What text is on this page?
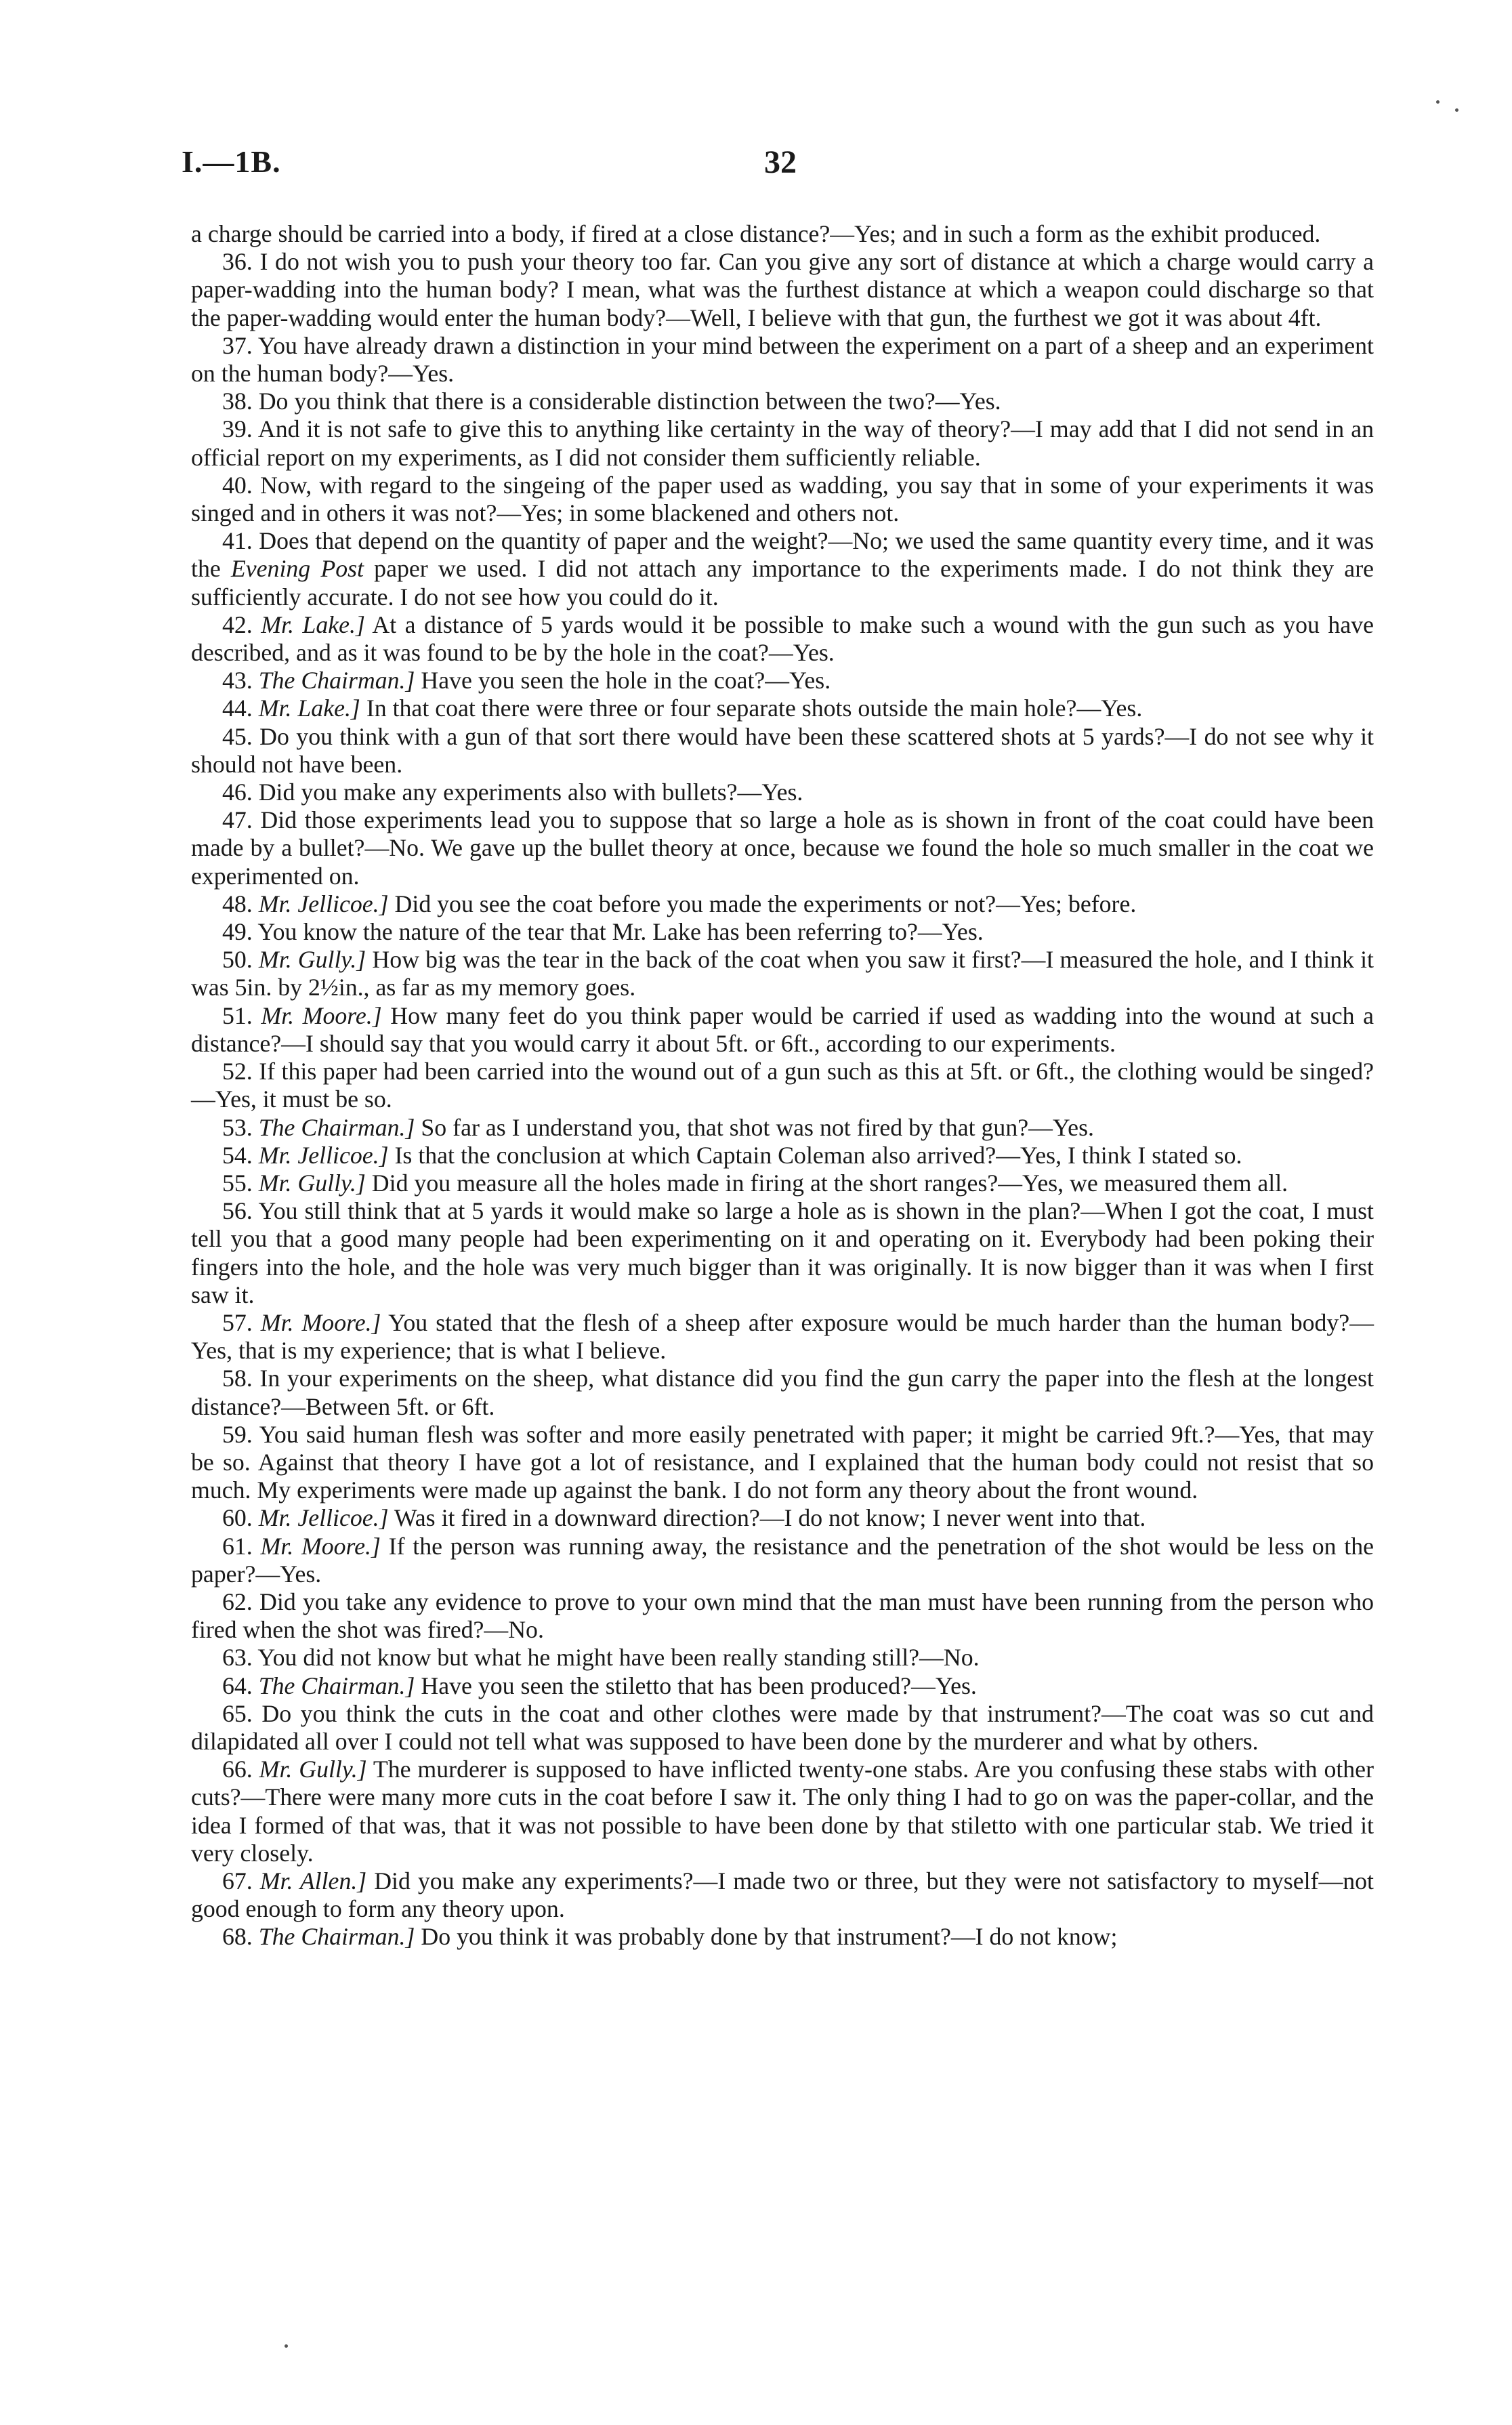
I.—1B.	32

a charge should be carried into a body, if fired at a close distance?—Yes; and in such a form as the exhibit produced.

36. I do not wish you to push your theory too far. Can you give any sort of distance at which a charge would carry a paper-wadding into the human body? I mean, what was the furthest distance at which a weapon could discharge so that the paper-wadding would enter the human body?—Well, I believe with that gun, the furthest we got it was about 4ft.

37. You have already drawn a distinction in your mind between the experiment on a part of a sheep and an experiment on the human body?—Yes.

38. Do you think that there is a considerable distinction between the two?—Yes.

39. And it is not safe to give this to anything like certainty in the way of theory?—I may add that I did not send in an official report on my experiments, as I did not consider them sufficiently reliable.

40. Now, with regard to the singeing of the paper used as wadding, you say that in some of your experiments it was singed and in others it was not?—Yes; in some blackened and others not.

41. Does that depend on the quantity of paper and the weight?—No; we used the same quantity every time, and it was the Evening Post paper we used. I did not attach any importance to the experiments made. I do not think they are sufficiently accurate. I do not see how you could do it.

42. Mr. Lake.] At a distance of 5 yards would it be possible to make such a wound with the gun such as you have described, and as it was found to be by the hole in the coat?—Yes.

43. The Chairman.] Have you seen the hole in the coat?—Yes.

44. Mr. Lake.] In that coat there were three or four separate shots outside the main hole?—Yes.

45. Do you think with a gun of that sort there would have been these scattered shots at 5 yards?—I do not see why it should not have been.

46. Did you make any experiments also with bullets?—Yes.

47. Did those experiments lead you to suppose that so large a hole as is shown in front of the coat could have been made by a bullet?—No. We gave up the bullet theory at once, because we found the hole so much smaller in the coat we experimented on.

48. Mr. Jellicoe.] Did you see the coat before you made the experiments or not?—Yes; before.

49. You know the nature of the tear that Mr. Lake has been referring to?—Yes.

50. Mr. Gully.] How big was the tear in the back of the coat when you saw it first?—I measured the hole, and I think it was 5in. by 2½in., as far as my memory goes.

51. Mr. Moore.] How many feet do you think paper would be carried if used as wadding into the wound at such a distance?—I should say that you would carry it about 5ft. or 6ft., according to our experiments.

52. If this paper had been carried into the wound out of a gun such as this at 5ft. or 6ft., the clothing would be singed?—Yes, it must be so.

53. The Chairman.] So far as I understand you, that shot was not fired by that gun?—Yes.

54. Mr. Jellicoe.] Is that the conclusion at which Captain Coleman also arrived?—Yes, I think I stated so.

55. Mr. Gully.] Did you measure all the holes made in firing at the short ranges?—Yes, we measured them all.

56. You still think that at 5 yards it would make so large a hole as is shown in the plan?—When I got the coat, I must tell you that a good many people had been experimenting on it and operating on it. Everybody had been poking their fingers into the hole, and the hole was very much bigger than it was originally. It is now bigger than it was when I first saw it.

57. Mr. Moore.] You stated that the flesh of a sheep after exposure would be much harder than the human body?—Yes, that is my experience; that is what I believe.

58. In your experiments on the sheep, what distance did you find the gun carry the paper into the flesh at the longest distance?—Between 5ft. or 6ft.

59. You said human flesh was softer and more easily penetrated with paper; it might be carried 9ft.?—Yes, that may be so. Against that theory I have got a lot of resistance, and I explained that the human body could not resist that so much. My experiments were made up against the bank. I do not form any theory about the front wound.

60. Mr. Jellicoe.] Was it fired in a downward direction?—I do not know; I never went into that.

61. Mr. Moore.] If the person was running away, the resistance and the penetration of the shot would be less on the paper?—Yes.

62. Did you take any evidence to prove to your own mind that the man must have been running from the person who fired when the shot was fired?—No.

63. You did not know but what he might have been really standing still?—No.

64. The Chairman.] Have you seen the stiletto that has been produced?—Yes.

65. Do you think the cuts in the coat and other clothes were made by that instrument?—The coat was so cut and dilapidated all over I could not tell what was supposed to have been done by the murderer and what by others.

66. Mr. Gully.] The murderer is supposed to have inflicted twenty-one stabs. Are you confusing these stabs with other cuts?—There were many more cuts in the coat before I saw it. The only thing I had to go on was the paper-collar, and the idea I formed of that was, that it was not possible to have been done by that stiletto with one particular stab. We tried it very closely.

67. Mr. Allen.] Did you make any experiments?—I made two or three, but they were not satisfactory to myself—not good enough to form any theory upon.

68. The Chairman.] Do you think it was probably done by that instrument?—I do not know;
